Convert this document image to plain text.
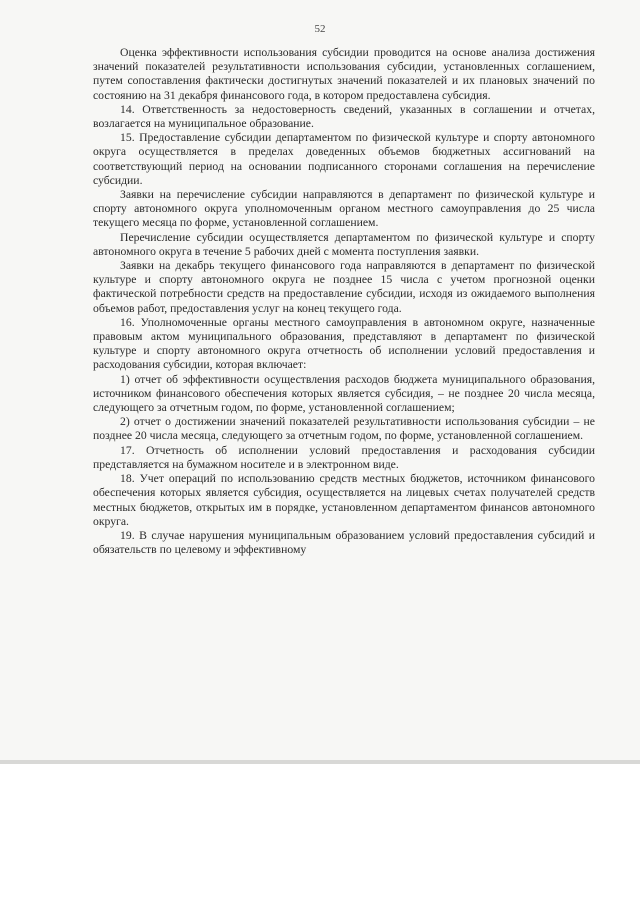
52

Оценка эффективности использования субсидии проводится на основе анализа достижения значений показателей результативности использования субсидии, установленных соглашением, путем сопоставления фактически достигнутых значений показателей и их плановых значений по состоянию на 31 декабря финансового года, в котором предоставлена субсидия.

14. Ответственность за недостоверность сведений, указанных в соглашении и отчетах, возлагается на муниципальное образование.

15. Предоставление субсидии департаментом по физической культуре и спорту автономного округа осуществляется в пределах доведенных объемов бюджетных ассигнований на соответствующий период на основании подписанного сторонами соглашения на перечисление субсидии.

Заявки на перечисление субсидии направляются в департамент по физической культуре и спорту автономного округа уполномоченным органом местного самоуправления до 25 числа текущего месяца по форме, установленной соглашением.

Перечисление субсидии осуществляется департаментом по физической культуре и спорту автономного округа в течение 5 рабочих дней с момента поступления заявки.

Заявки на декабрь текущего финансового года направляются в департамент по физической культуре и спорту автономного округа не позднее 15 числа с учетом прогнозной оценки фактической потребности средств на предоставление субсидии, исходя из ожидаемого выполнения объемов работ, предоставления услуг на конец текущего года.

16. Уполномоченные органы местного самоуправления в автономном округе, назначенные правовым актом муниципального образования, представляют в департамент по физической культуре и спорту автономного округа отчетность об исполнении условий предоставления и расходования субсидии, которая включает:

1) отчет об эффективности осуществления расходов бюджета муниципального образования, источником финансового обеспечения которых является субсидия, – не позднее 20 числа месяца, следующего за отчетным годом, по форме, установленной соглашением;

2) отчет о достижении значений показателей результативности использования субсидии – не позднее 20 числа месяца, следующего за отчетным годом, по форме, установленной соглашением.

17. Отчетность об исполнении условий предоставления и расходования субсидии представляется на бумажном носителе и в электронном виде.

18. Учет операций по использованию средств местных бюджетов, источником финансового обеспечения которых является субсидия, осуществляется на лицевых счетах получателей средств местных бюджетов, открытых им в порядке, установленном департаментом финансов автономного округа.

19. В случае нарушения муниципальным образованием условий предоставления субсидий и обязательств по целевому и эффективному
